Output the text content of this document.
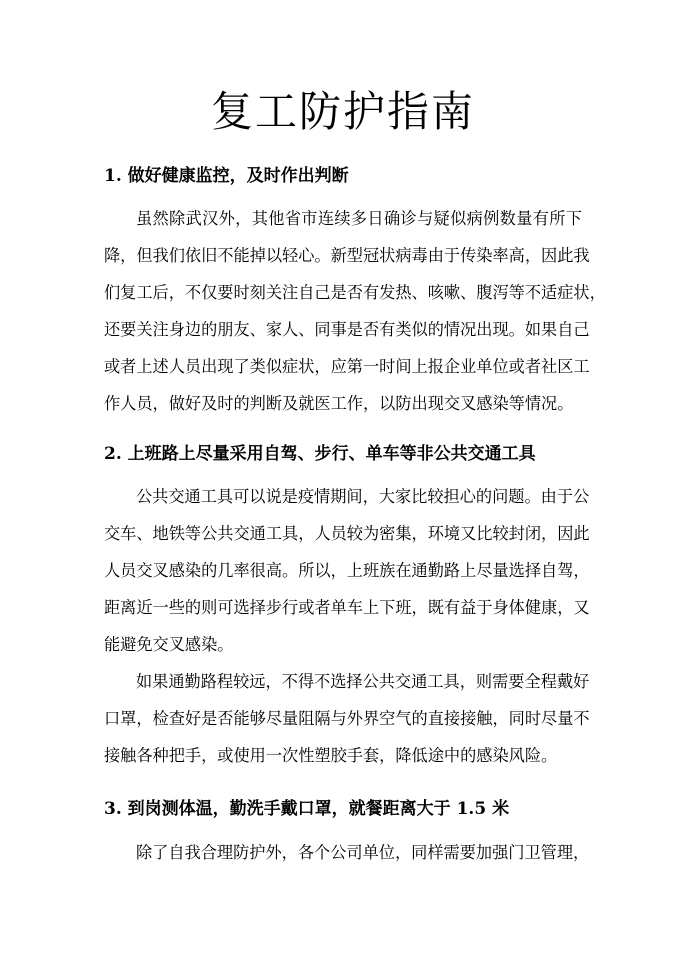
复工防护指南
1. 做好健康监控，及时作出判断
虽然除武汉外，其他省市连续多日确诊与疑似病例数量有所下
降，但我们依旧不能掉以轻心。新型冠状病毒由于传染率高，因此我
们复工后，不仅要时刻关注自己是否有发热、咳嗽、腹泻等不适症状，
还要关注身边的朋友、家人、同事是否有类似的情况出现。如果自己
或者上述人员出现了类似症状，应第一时间上报企业单位或者社区工
作人员，做好及时的判断及就医工作，以防出现交叉感染等情况。
2. 上班路上尽量采用自驾、步行、单车等非公共交通工具
公共交通工具可以说是疫情期间，大家比较担心的问题。由于公
交车、地铁等公共交通工具，人员较为密集，环境又比较封闭，因此
人员交叉感染的几率很高。所以，上班族在通勤路上尽量选择自驾，
距离近一些的则可选择步行或者单车上下班，既有益于身体健康，又
能避免交叉感染。
如果通勤路程较远，不得不选择公共交通工具，则需要全程戴好
口罩，检查好是否能够尽量阻隔与外界空气的直接接触，同时尽量不
接触各种把手，或使用一次性塑胶手套，降低途中的感染风险。
3. 到岗测体温，勤洗手戴口罩，就餐距离大于 1.5 米
除了自我合理防护外，各个公司单位，同样需要加强门卫管理，
